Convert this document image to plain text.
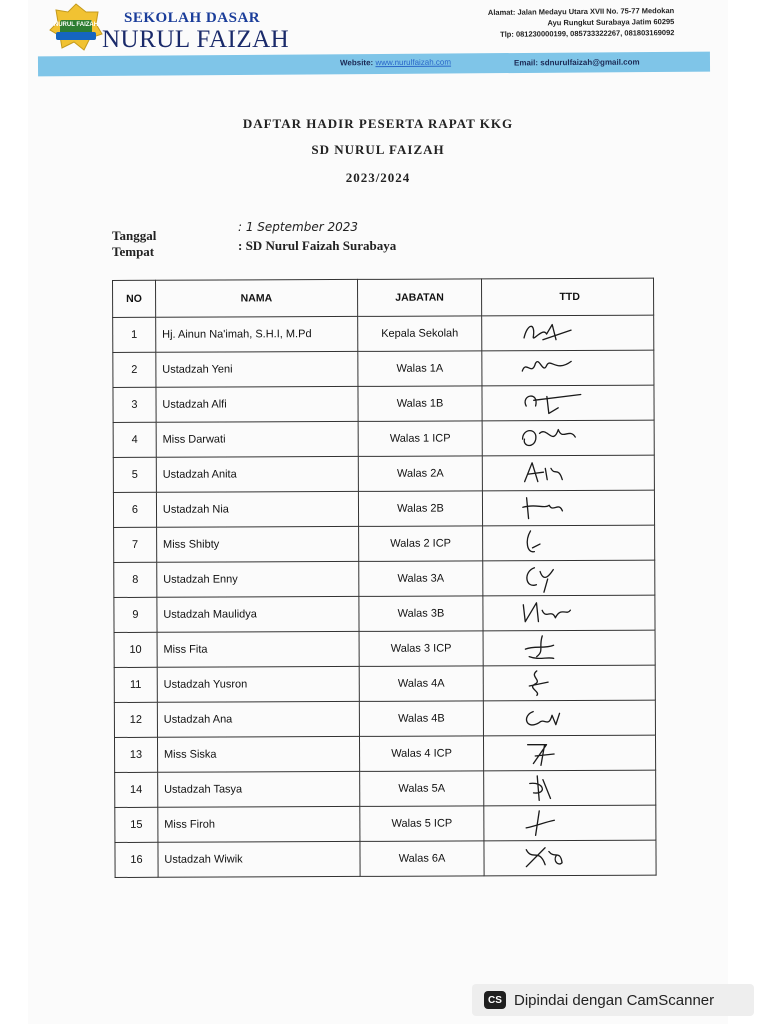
NURUL FAIZAH	SEKOLAH DASAR
NURUL FAIZAH
Alamat: Jalan Medayu Utara XVII No. 75-77 Medokan
Ayu Rungkut Surabaya Jatim 60295
Tlp: 081230000199, 085733322267, 081803169092
Website: www.nurulfaizah.com	Email: sdnurulfaizah@gmail.com
DAFTAR HADIR PESERTA RAPAT KKG
SD NURUL FAIZAH
2023/2024
Tanggal
: 1 September 2023
Tempat	: SD Nurul Faizah Surabaya
NO	NAMA	JABATAN	TTD
1	Hj. Ainun Na'imah, S.H.I, M.Pd	Kepala Sekolah	

2	Ustadzah Yeni	Walas 1A	

3	Ustadzah Alfi	Walas 1B	

4	Miss Darwati	Walas 1 ICP	

5	Ustadzah Anita	Walas 2A	

6	Ustadzah Nia	Walas 2B	

7	Miss Shibty	Walas 2 ICP	

8	Ustadzah Enny	Walas 3A	

9	Ustadzah Maulidya	Walas 3B	

10	Miss Fita	Walas 3 ICP	

11	Ustadzah Yusron	Walas 4A	

12	Ustadzah Ana	Walas 4B	

13	Miss Siska	Walas 4 ICP	

14	Ustadzah Tasya	Walas 5A	

15	Miss Firoh	Walas 5 ICP	

16	Ustadzah Wiwik	Walas 6A	
CS Dipindai dengan CamScanner
